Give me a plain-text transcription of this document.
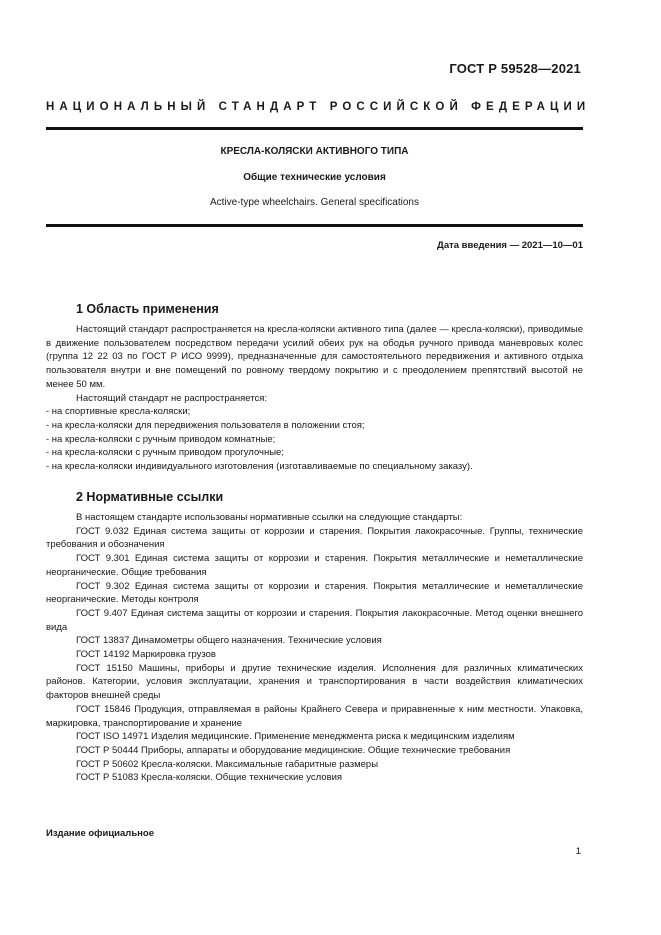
ГОСТ Р 59528—2021
НАЦИОНАЛЬНЫЙ СТАНДАРТ РОССИЙСКОЙ ФЕДЕРАЦИИ
КРЕСЛА-КОЛЯСКИ АКТИВНОГО ТИПА
Общие технические условия
Active-type wheelchairs. General specifications
Дата введения — 2021—10—01
1 Область применения

Настоящий стандарт распространяется на кресла-коляски активного типа (далее — кресла-коляски), приводимые в движение пользователем посредством передачи усилий обеих рук на ободья ручного привода маневровых колес (группа 12 22 03 по ГОСТ Р ИСО 9999), предназначенные для самостоятельного передвижения и активного отдыха пользователя внутри и вне помещений по ровному твердому покрытию и с преодолением препятствий высотой не менее 50 мм.

Настоящий стандарт не распространяется:

- на спортивные кресла-коляски;

- на кресла-коляски для передвижения пользователя в положении стоя;

- на кресла-коляски с ручным приводом комнатные;

- на кресла-коляски с ручным приводом прогулочные;

- на кресла-коляски индивидуального изготовления (изготавливаемые по специальному заказу).

2 Нормативные ссылки

В настоящем стандарте использованы нормативные ссылки на следующие стандарты:

ГОСТ 9.032 Единая система защиты от коррозии и старения. Покрытия лакокрасочные. Группы, технические требования и обозначения

ГОСТ 9.301 Единая система защиты от коррозии и старения. Покрытия металлические и неметаллические неорганические. Общие требования

ГОСТ 9.302 Единая система защиты от коррозии и старения. Покрытия металлические и неметаллические неорганические. Методы контроля

ГОСТ 9.407 Единая система защиты от коррозии и старения. Покрытия лакокрасочные. Метод оценки внешнего вида

ГОСТ 13837 Динамометры общего назначения. Технические условия

ГОСТ 14192 Маркировка грузов

ГОСТ 15150 Машины, приборы и другие технические изделия. Исполнения для различных климатических районов. Категории, условия эксплуатации, хранения и транспортирования в части воздействия климатических факторов внешней среды

ГОСТ 15846 Продукция, отправляемая в районы Крайнего Севера и приравненные к ним местности. Упаковка, маркировка, транспортирование и хранение

ГОСТ ISO 14971 Изделия медицинские. Применение менеджмента риска к медицинским изделиям

ГОСТ Р 50444 Приборы, аппараты и оборудование медицинские. Общие технические требования

ГОСТ Р 50602 Кресла-коляски. Максимальные габаритные размеры

ГОСТ Р 51083 Кресла-коляски. Общие технические условия

Издание официальное
1
